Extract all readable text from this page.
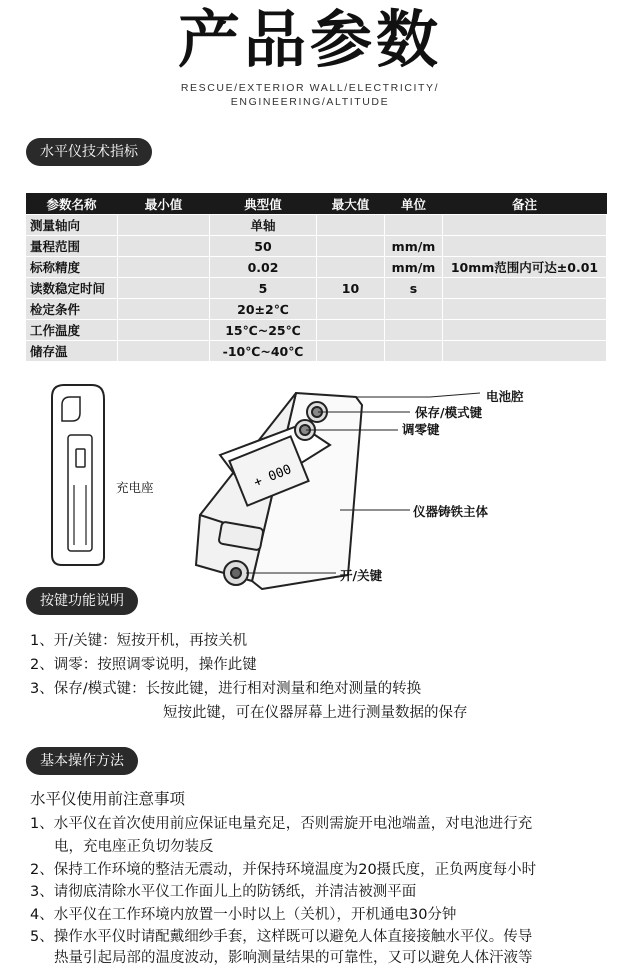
产品参数
RESCUE/EXTERIOR WALL/ELECTRICITY/
ENGINEERING/ALTITUDE
水平仪技术指标
参数名称	最小值	典型值	最大值	单位	备注
测量轴向		单轴			
量程范围		50		mm/m	
标称精度		0.02		mm/m	10mm范围内可达±0.01
读数稳定时间		5	10	s	
检定条件		20±2℃			
工作温度		15℃~25℃			
储存温		-10℃~40℃			
+ 000
电池腔
保存/模式键
调零键
仪器铸铁主体
开/关键
充电座
按键功能说明
1、开/关键：短按开机，再按关机
2、调零：按照调零说明，操作此键
3、保存/模式键：长按此键，进行相对测量和绝对测量的转换
短按此键，可在仪器屏幕上进行测量数据的保存
基本操作方法
水平仪使用前注意事项
1、水平仪在首次使用前应保证电量充足，否则需旋开电池端盖，对电池进行充
电，充电座正负切勿装反
2、保持工作环境的整洁无震动，并保持环境温度为20摄氏度，正负两度每小时
3、请彻底清除水平仪工作面儿上的防锈纸，并清洁被测平面
4、水平仪在工作环境内放置一小时以上（关机），开机通电30分钟
5、操作水平仪时请配戴细纱手套，这样既可以避免人体直接接触水平仪。传导
热量引起局部的温度波动，影响测量结果的可靠性，又可以避免人体汗液等
